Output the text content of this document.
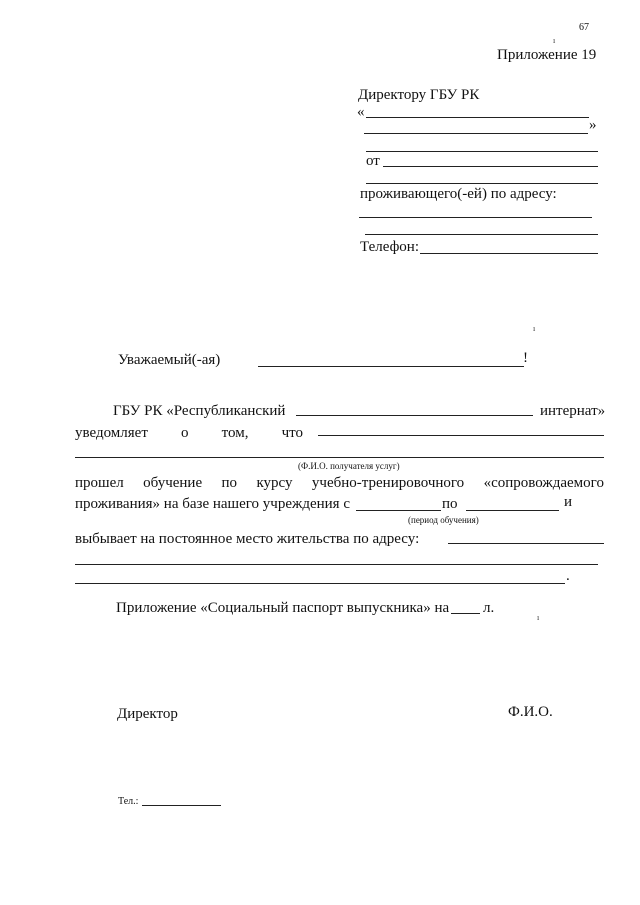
67
Приложение 19
ı
Директору ГБУ РК
«
»
от
проживающего(-ей) по адресу:
Телефон:
ı
Уважаемый(-ая)	!
ГБУ РК «Республиканский	интернат»
уведомляет о том, что
(Ф.И.О. получателя услуг)
прошел обучение по курсу учебно-тренировочного «сопровождаемого
проживания» на базе нашего учреждения с	по	и
(период обучения)
выбывает на постоянное место жительства по адресу:
.
Приложение «Социальный паспорт выпускника» на л.
ı
Директор	Ф.И.О.
Тел.:
